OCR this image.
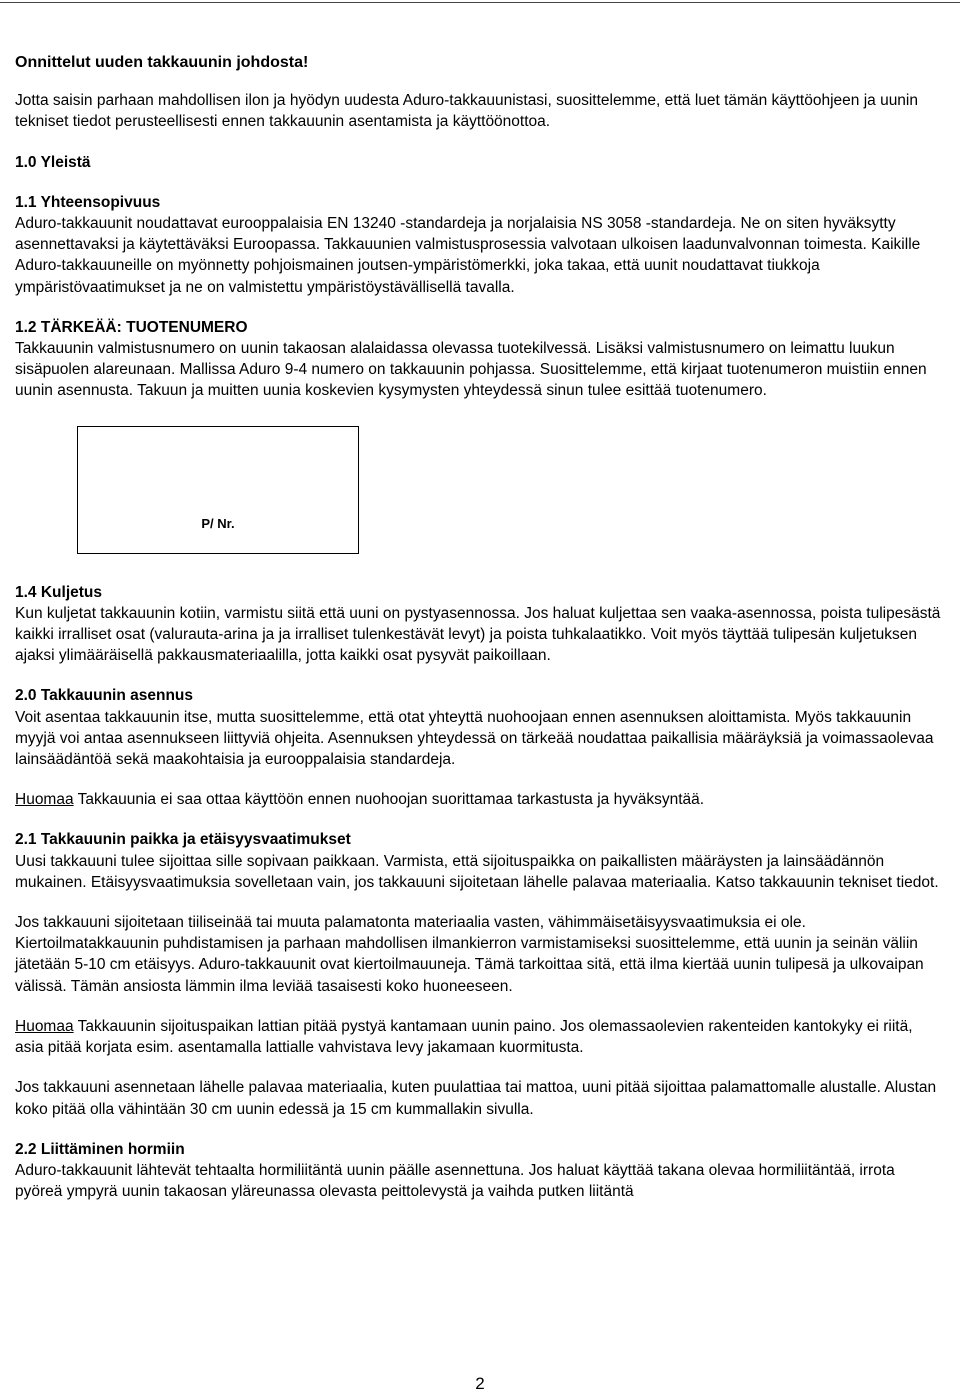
Onnittelut uuden takkauunin johdosta!

Jotta saisin parhaan mahdollisen ilon ja hyödyn uudesta Aduro-takkauunistasi, suosittelemme, että luet tämän käyttöohjeen ja uunin tekniset tiedot perusteellisesti ennen takkauunin asentamista ja käyttöönottoa.

1.0 Yleistä

1.1 Yhteensopivuus

Aduro-takkauunit noudattavat eurooppalaisia EN 13240 -standardeja ja norjalaisia NS 3058 -standardeja. Ne on siten hyväksytty asennettavaksi ja käytettäväksi Euroopassa. Takkauunien valmistusprosessia valvotaan ulkoisen laadunvalvonnan toimesta. Kaikille Aduro-takkauuneille on myönnetty pohjoismainen joutsen-ympäristömerkki, joka takaa, että uunit noudattavat tiukkoja ympäristövaatimukset ja ne on valmistettu ympäristöystävällisellä tavalla.

1.2 TÄRKEÄÄ: TUOTENUMERO

Takkauunin valmistusnumero on uunin takaosan alalaidassa olevassa tuotekilvessä. Lisäksi valmistusnumero on leimattu luukun sisäpuolen alareunaan. Mallissa Aduro 9-4 numero on takkauunin pohjassa. Suosittelemme, että kirjaat tuotenumeron muistiin ennen uunin asennusta. Takuun ja muitten uunia koskevien kysymysten yhteydessä sinun tulee esittää tuotenumero.

P/ Nr.

1.4 Kuljetus

Kun kuljetat takkauunin kotiin, varmistu siitä että uuni on pystyasennossa. Jos haluat kuljettaa sen vaaka-asennossa, poista tulipesästä kaikki irralliset osat (valurauta-arina ja ja irralliset tulenkestävät levyt) ja poista tuhkalaatikko. Voit myös täyttää tulipesän kuljetuksen ajaksi ylimääräisellä pakkausmateriaalilla, jotta kaikki osat pysyvät paikoillaan.

2.0 Takkauunin asennus

Voit asentaa takkauunin itse, mutta suosittelemme, että otat yhteyttä nuohoojaan ennen asennuksen aloittamista. Myös takkauunin myyjä voi antaa asennukseen liittyviä ohjeita. Asennuksen yhteydessä on tärkeää noudattaa paikallisia määräyksiä ja voimassaolevaa lainsäädäntöä sekä maakohtaisia ja eurooppalaisia standardeja.

Huomaa Takkauunia ei saa ottaa käyttöön ennen nuohoojan suorittamaa tarkastusta ja hyväksyntää.

2.1 Takkauunin paikka ja etäisyysvaatimukset

Uusi takkauuni tulee sijoittaa sille sopivaan paikkaan. Varmista, että sijoituspaikka on paikallisten määräysten ja lainsäädännön mukainen. Etäisyysvaatimuksia sovelletaan vain, jos takkauuni sijoitetaan lähelle palavaa materiaalia. Katso takkauunin tekniset tiedot.

Jos takkauuni sijoitetaan tiiliseinää tai muuta palamatonta materiaalia vasten, vähimmäisetäisyysvaatimuksia ei ole. Kiertoilmatakkauunin puhdistamisen ja parhaan mahdollisen ilmankierron varmistamiseksi suosittelemme, että uunin ja seinän väliin jätetään 5-10 cm etäisyys. Aduro-takkauunit ovat kiertoilmauuneja. Tämä tarkoittaa sitä, että ilma kiertää uunin tulipesä ja ulkovaipan välissä. Tämän ansiosta lämmin ilma leviää tasaisesti koko huoneeseen.

Huomaa Takkauunin sijoituspaikan lattian pitää pystyä kantamaan uunin paino. Jos olemassaolevien rakenteiden kantokyky ei riitä, asia pitää korjata esim. asentamalla lattialle vahvistava levy jakamaan kuormitusta.

Jos takkauuni asennetaan lähelle palavaa materiaalia, kuten puulattiaa tai mattoa, uuni pitää sijoittaa palamattomalle alustalle. Alustan koko pitää olla vähintään 30 cm uunin edessä ja 15 cm kummallakin sivulla.

2.2 Liittäminen hormiin

Aduro-takkauunit lähtevät tehtaalta hormiliitäntä uunin päälle asennettuna. Jos haluat käyttää takana olevaa hormiliitäntää, irrota pyöreä ympyrä uunin takaosan yläreunassa olevasta peittolevystä ja vaihda putken liitäntä

2
